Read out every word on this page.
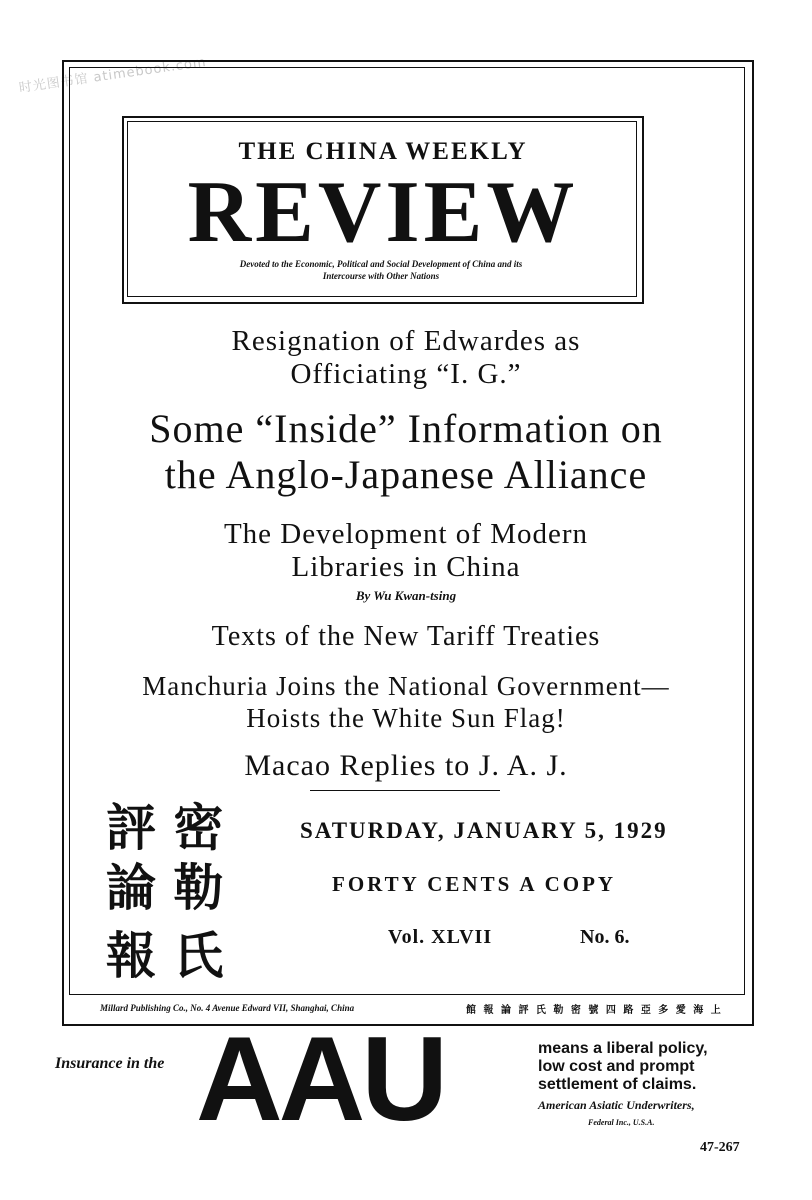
时光图书馆 atimebook.com
THE CHINA WEEKLY
REVIEW
Devoted to the Economic, Political and Social Development of China and its
Intercourse with Other Nations
Resignation of Edwardes as
Officiating “I. G.”
Some “Inside” Information on
the Anglo-Japanese Alliance
The Development of Modern
Libraries in China
By Wu Kwan-tsing
Texts of the New Tariff Treaties
Manchuria Joins the National Government—
Hoists the White Sun Flag!
Macao Replies to J. A. J.
評 密
論 勒
報 氏
SATURDAY, JANUARY 5, 1929
FORTY CENTS A COPY
Vol. XLVII	No. 6.
Millard Publishing Co., No. 4 Avenue Edward VII, Shanghai, China	館 報 論 評 氏 勒 密 號 四 路 亞 多 愛 海 上
Insurance in the AAU	means a liberal policy,
low cost and prompt
settlement of claims.
American Asiatic Underwriters,
Federal Inc., U.S.A.
47-267
